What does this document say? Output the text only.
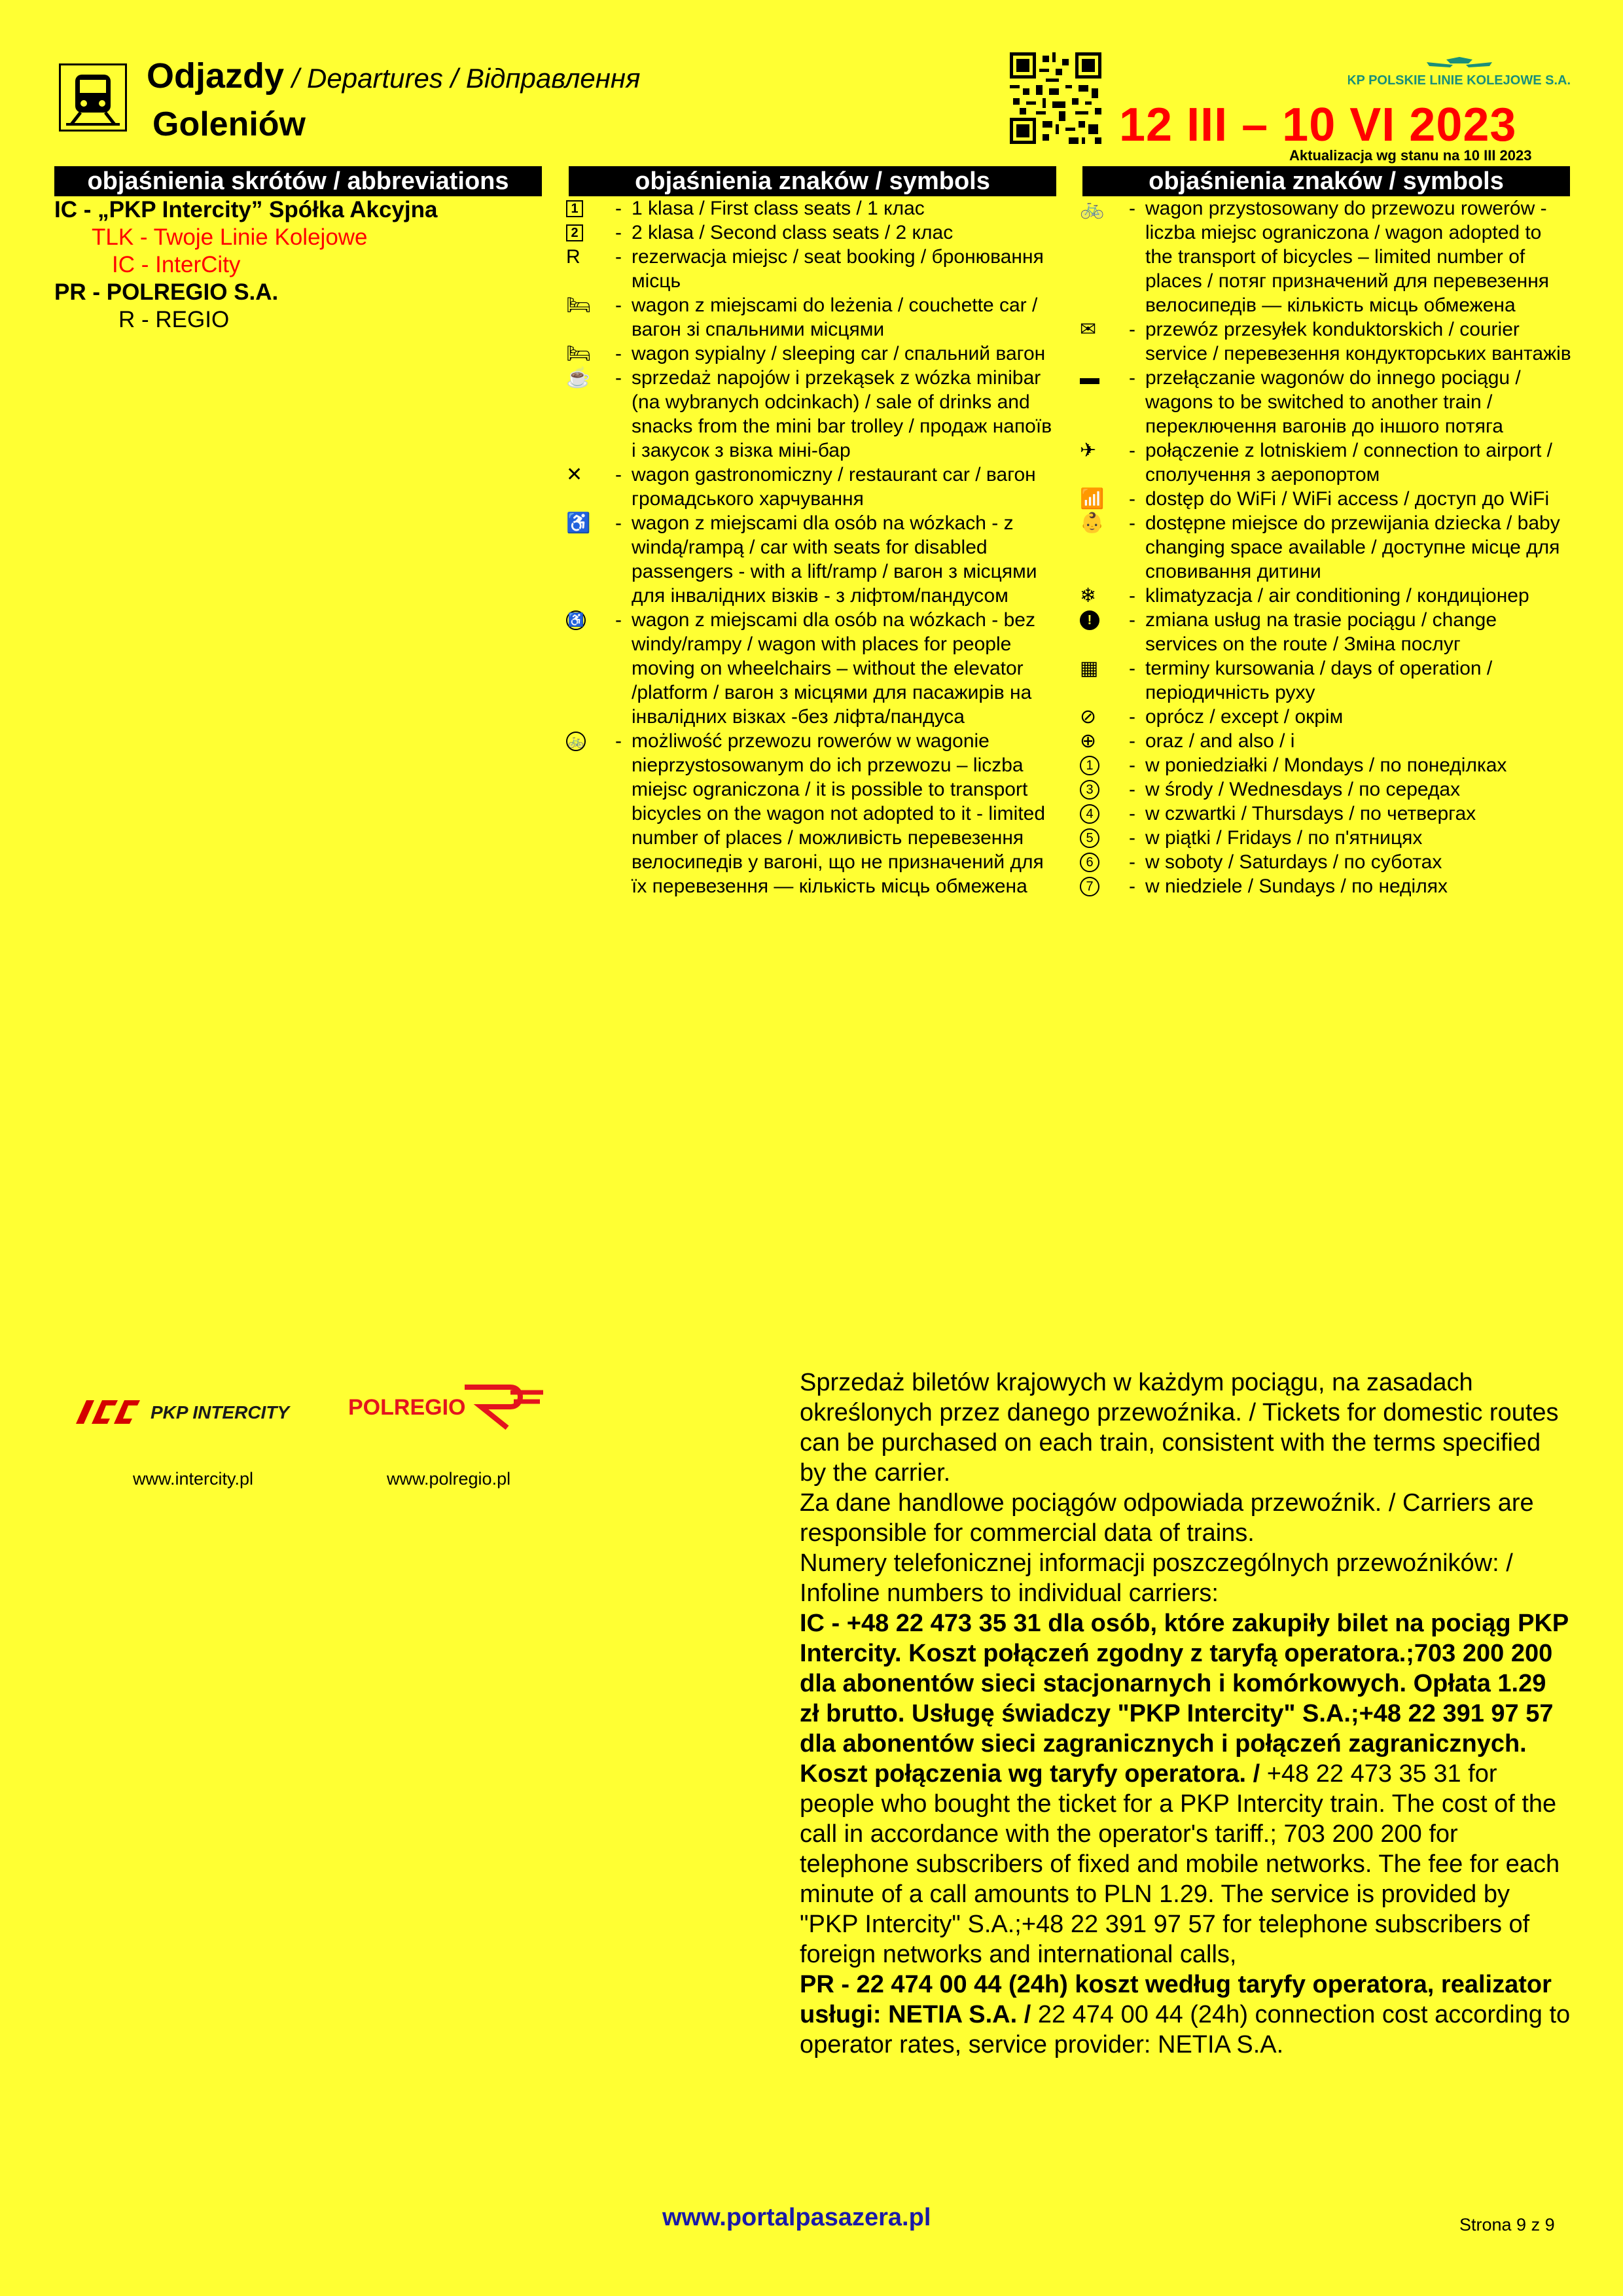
Odjazdy / Departures / Відправлення
Goleniów
PKP POLSKIE LINIE KOLEJOWE S.A.
12 III – 10 VI 2023
Aktualizacja wg stanu na 10 III 2023
objaśnienia skrótów / abbreviations	objaśnienia znaków / symbols	objaśnienia znaków / symbols
IC - „PKP Intercity” Spółka Akcyjna
TLK - Twoje Linie Kolejowe
IC - InterCity
PR - POLREGIO S.A.
R - REGIO
1	- 1 klasa / First class seats / 1 клас
2	- 2 klasa / Second class seats / 2 клас
R	- rezerwacja miejsc / seat booking / бронювання місць
🛏	- wagon z miejscami do leżenia / couchette car / вагон зі спальними місцями
🛏	- wagon sypialny / sleeping car / спальний вагон
☕	- sprzedaż napojów i przekąsek z wózka minibar (na wybranych odcinkach) / sale of drinks and snacks from the mini bar trolley / продаж напоїв і закусок з візка міні-бар
✕	- wagon gastronomiczny / restaurant car / вагон громадського харчування
♿	- wagon z miejscami dla osób na wózkach - z windą/rampą / car with seats for disabled passengers - with a lift/ramp / вагон з місцями для інвалідних візків - з ліфтом/пандусом
♿	- wagon z miejscami dla osób na wózkach - bez windy/rampy / wagon with places for people moving on wheelchairs – without the elevator /platform / вагон з місцями для пасажирів на інвалідних візках -без ліфта/пандуса
🚲	- możliwość przewozu rowerów w wagonie nieprzystosowanym do ich przewozu – liczba miejsc ograniczona / it is possible to transport bicycles on the wagon not adopted to it - limited number of places / можливість перевезення велосипедів у вагоні, що не призначений для їх перевезення — кількість місць обмежена
🚲	- wagon przystosowany do przewozu rowerów - liczba miejsc ograniczona / wagon adopted to the transport of bicycles – limited number of places / потяг призначений для перевезення велосипедів — кількість місць обмежена
✉	- przewóz przesyłek konduktorskich / courier service / перевезення кондукторських вантажів
▬	- przełączanie wagonów do innego pociągu / wagons to be switched to another train / переключення вагонів до іншого потяга
✈	- połączenie z lotniskiem / connection to airport / сполучення з аеропортом
📶	- dostęp do WiFi / WiFi access / доступ до WiFi
👶	- dostępne miejsce do przewijania dziecka / baby changing space available / доступне місце для сповивання дитини
❄	- klimatyzacja / air conditioning / кондиціонер
!	- zmiana usług na trasie pociągu / change services on the route / Зміна послуг
▦	- terminy kursowania / days of operation / періодичність руху
⊘	- oprócz / except / окрім
⊕	- oraz / and also / і
1	- w poniedziałki / Mondays / по понеділках
3	- w środy / Wednesdays / по середах
4	- w czwartki / Thursdays / по четвергах
5	- w piątki / Fridays / по п'ятницях
6	- w soboty / Saturdays / по суботах
7	- w niedziele / Sundays / по неділях
PKP INTERCITY
www.intercity.pl
POLREGIO
www.polregio.pl

Sprzedaż biletów krajowych w każdym pociągu, na zasadach określonych przez danego przewoźnika. / Tickets for domestic routes can be purchased on each train, consistent with the terms specified by the carrier.

Za dane handlowe pociągów odpowiada przewoźnik. / Carriers are responsible for commercial data of trains.

Numery telefonicznej informacji poszczególnych przewoźników: / Infoline numbers to individual carriers:

IC - +48 22 473 35 31 dla osób, które zakupiły bilet na pociąg PKP Intercity. Koszt połączeń zgodny z taryfą operatora.;703 200 200 dla abonentów sieci stacjonarnych i komórkowych. Opłata 1.29 zł brutto. Usługę świadczy "PKP Intercity" S.A.;+48 22 391 97 57 dla abonentów sieci zagranicznych i połączeń zagranicznych. Koszt połączenia wg taryfy operatora. / +48 22 473 35 31 for people who bought the ticket for a PKP Intercity train. The cost of the call in accordance with the operator's tariff.; 703 200 200 for telephone subscribers of fixed and mobile networks. The fee for each minute of a call amounts to PLN 1.29. The service is provided by "PKP Intercity" S.A.;+48 22 391 97 57 for telephone subscribers of foreign networks and international calls,

PR - 22 474 00 44 (24h) koszt według taryfy operatora, realizator usługi: NETIA S.A. / 22 474 00 44 (24h) connection cost according to operator rates, service provider: NETIA S.A.

www.portalpasazera.pl	Strona 9 z 9
